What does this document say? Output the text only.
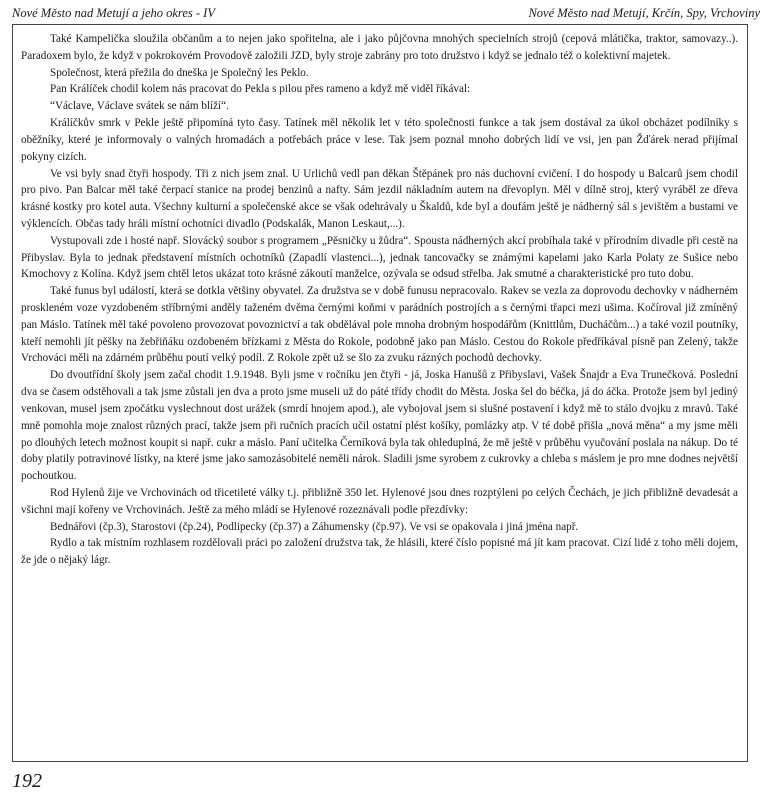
Nové Město nad Metují a jeho okres - IV	Nové Město nad Metují, Krčín, Spy, Vrchoviny

Také Kampelička sloužila občanům a to nejen jako spořitelna, ale i jako půjčovna mnohých specielních strojů (cepová mlátička, traktor, samovazy..). Paradoxem bylo, že když v pokrokovém Provodově založili JZD, byly stroje zabrány pro toto družstvo i když se jednalo též o kolektivní majetek.

Společnost, která přežila do dneška je Společný les Peklo.

Pan Králíček chodil kolem nás pracovat do Pekla s pilou přes rameno a když mě viděl říkával:

“Václave, Václave svátek se nám blíží“.

Králíčkův smrk v Pekle ještě připomíná tyto časy. Tatínek měl několik let v této společnosti funkce a tak jsem dostával za úkol obcházet podílníky s oběžníky, které je informovaly o valných hromadách a potřebách práce v lese. Tak jsem poznal mnoho dobrých lidí ve vsi, jen pan Žďárek nerad přijímal pokyny cizích.

Ve vsi byly snad čtyři hospody. Tři z nich jsem znal. U Urlichů vedl pan děkan Štěpánek pro nás duchovní cvičení. I do hospody u Balcarů jsem chodil pro pivo. Pan Balcar měl také čerpací stanice na prodej benzinů a nafty. Sám jezdil nákladním autem na dřevoplyn. Měl v dílně stroj, který vyráběl ze dřeva krásné kostky pro kotel auta. Všechny kulturní a společenské akce se však odehrávaly u Škaldů, kde byl a doufám ještě je nádherný sál s jevištěm a bustami ve výklencích. Občas tady hráli místní ochotníci divadlo (Podskalák, Manon Leskaut,...).

Vystupovali zde i hosté např. Slovácký soubor s programem „Pěsničky u žůdra“. Spousta nádherných akcí probíhala také v přírodním divadle při cestě na Přibyslav. Byla to jednak představení místních ochotníků (Zapadlí vlastenci...), jednak tancovačky se známými kapelami jako Karla Polaty ze Sušice nebo Kmochovy z Kolína. Když jsem chtěl letos ukázat toto krásné zákoutí manželce, ozývala se odsud střelba. Jak smutné a charakteristické pro tuto dobu.

Také funus byl událostí, která se dotkla většiny obyvatel. Za družstva se v době funusu nepracovalo. Rakev se vezla za doprovodu dechovky v nádherném proskleném voze vyzdobeném stříbrnými anděly taženém dvěma černými koňmi v parádních postrojích a s černými třapci mezi ušima. Kočíroval již zmíněný pan Máslo. Tatínek měl také povoleno provozovat povoznictví a tak obdělával pole mnoha drobným hospodářům (Knittlům, Ducháčům...) a také vozil poutníky, kteří nemohli jít pěšky na žebřiňáku ozdobeném břízkami z Města do Rokole, podobně jako pan Máslo. Cestou do Rokole předříkával písně pan Zelený, takže Vrchováci měli na zdárném průběhu poutí velký podíl. Z Rokole zpět už se šlo za zvuku rázných pochodů dechovky.

Do dvoutřídní školy jsem začal chodit 1.9.1948. Byli jsme v ročníku jen čtyři - já, Joska Hanušů z Přibyslavi, Vašek Šnajdr a Eva Trunečková. Poslední dva se časem odstěhovali a tak jsme zůstali jen dva a proto jsme museli už do páté třídy chodit do Města. Joska šel do béčka, já do áčka. Protože jsem byl jediný venkovan, musel jsem zpočátku vyslechnout dost urážek (smrdí hnojem apod.), ale vybojoval jsem si slušné postavení i když mě to stálo dvojku z mravů. Také mně pomohla moje znalost různých prací, takže jsem při ručních pracích učil ostatní plést košíky, pomlázky atp. V té době přišla „nová měna“ a my jsme měli po dlouhých letech možnost koupit si např. cukr a máslo. Paní učitelka Černíková byla tak ohleduplná, že mě ještě v průběhu vyučování poslala na nákup. Do té doby platily potravinové lístky, na které jsme jako samozásobitelé neměli nárok. Sladili jsme syrobem z cukrovky a chleba s máslem je pro mne dodnes největší pochoutkou.

Rod Hylenů žije ve Vrchovinách od třicetileté války t.j. přibližně 350 let. Hylenové jsou dnes rozptýleni po celých Čechách, je jich přibližně devadesát a všichni mají kořeny ve Vrchovinách. Ještě za mého mládí se Hylenové rozeznávali podle přezdívky:

Bednářovi (čp.3), Starostovi (čp.24), Podlipecky (čp.37) a Záhumensky (čp.97). Ve vsi se opakovala i jiná jména např.

Rydlo a tak místním rozhlasem rozdělovali práci po založení družstva tak, že hlásili, které číslo popisné má jít kam pracovat. Cizí lidé z toho měli dojem, že jde o nějaký lágr.

192
